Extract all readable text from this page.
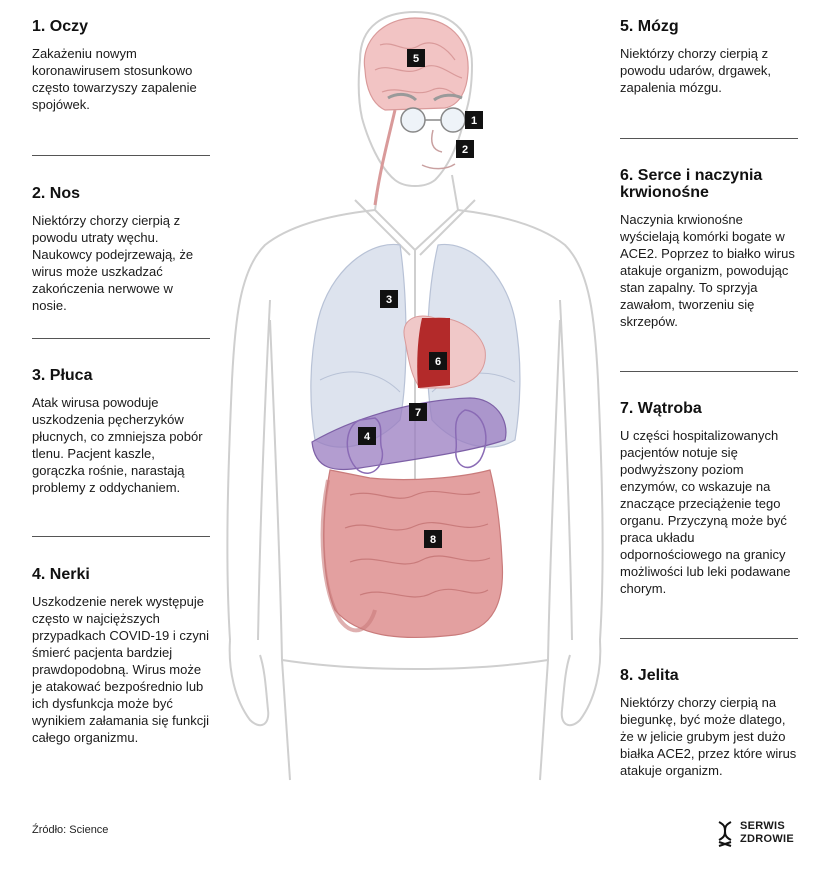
1. Oczy

Zakażeniu nowym koronawirusem stosunkowo często towarzyszy zapalenie spojówek.

2. Nos

Niektórzy chorzy cierpią z powodu utraty węchu. Naukowcy podejrzewają, że wirus może uszkadzać zakończenia nerwowe w nosie.

3. Płuca

Atak wirusa powoduje uszkodzenia pęcherzyków płucnych, co zmniejsza pobór tlenu. Pacjent kaszle, gorączka rośnie, narastają problemy z oddychaniem.

4. Nerki

Uszkodzenie nerek występuje często w najcięższych przypadkach COVID-19 i czyni śmierć pacjenta bardziej prawdopodobną. Wirus może je atakować bezpośrednio lub ich dysfunkcja może być wynikiem załamania się funkcji całego organizmu.

5. Mózg

Niektórzy chorzy cierpią z powodu udarów, drgawek, zapalenia mózgu.

6. Serce i naczynia krwionośne

Naczynia krwionośne wyścielają komórki bogate w ACE2. Poprzez to białko wirus atakuje organizm, powodując stan zapalny. To sprzyja zawałom, tworzeniu się skrzepów.

7. Wątroba

U części hospitalizowanych pacjentów notuje się podwyższony poziom enzymów, co wskazuje na znaczące przeciążenie tego organu. Przyczyną może być praca układu odpornościowego na granicy możliwości lub leki podawane chorym.

8. Jelita

Niektórzy chorzy cierpią na biegunkę, być może dlatego, że w jelicie grubym jest dużo białka ACE2, przez które wirus atakuje organizm.

1
2
3
4
5
6
7
8
Źródło: Science	SERWIS
ZDROWIE
